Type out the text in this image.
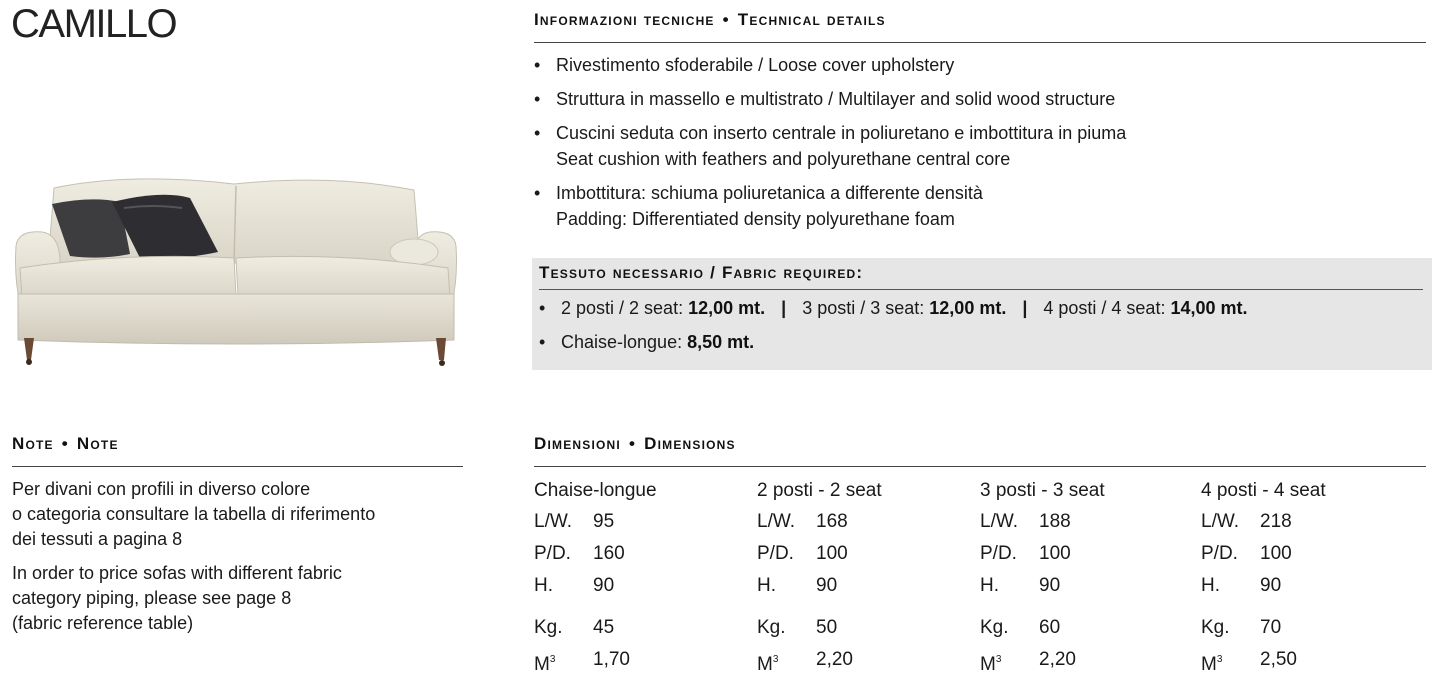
CAMILLO	Informazioni tecniche • Technical details
• Rivestimento sfoderabile / Loose cover upholstery
• Struttura in massello e multistrato / Multilayer and solid wood structure
• Cuscini seduta con inserto centrale in poliuretano e imbottitura in piuma
Seat cushion with feathers and polyurethane central core
• Imbottitura: schiuma poliuretanica a differente densità
Padding: Differentiated density polyurethane foam
Tessuto necessario / Fabric required:
• 2 posti / 2 seat: 12,00 mt. | 3 posti / 3 seat: 12,00 mt. | 4 posti / 4 seat: 14,00 mt.
• Chaise-longue: 8,50 mt.
Note • Note
Per divani con profili in diverso colore
o categoria consultare la tabella di riferimento
dei tessuti a pagina 8
In order to price sofas with different fabric
category piping, please see page 8
(fabric reference table)
Dimensioni • Dimensions
Chaise-longue
L/W.	95
P/D.	160
H.	90
Kg.	45
$M^3$	1,70
2 posti - 2 seat
L/W.	168
P/D.	100
H.	90
Kg.	50
$M^3$	2,20
3 posti - 3 seat
L/W.	188
P/D.	100
H.	90
Kg.	60
$M^3$	2,20
4 posti - 4 seat
L/W.	218
P/D.	100
H.	90
Kg.	70
$M^3$	2,50
